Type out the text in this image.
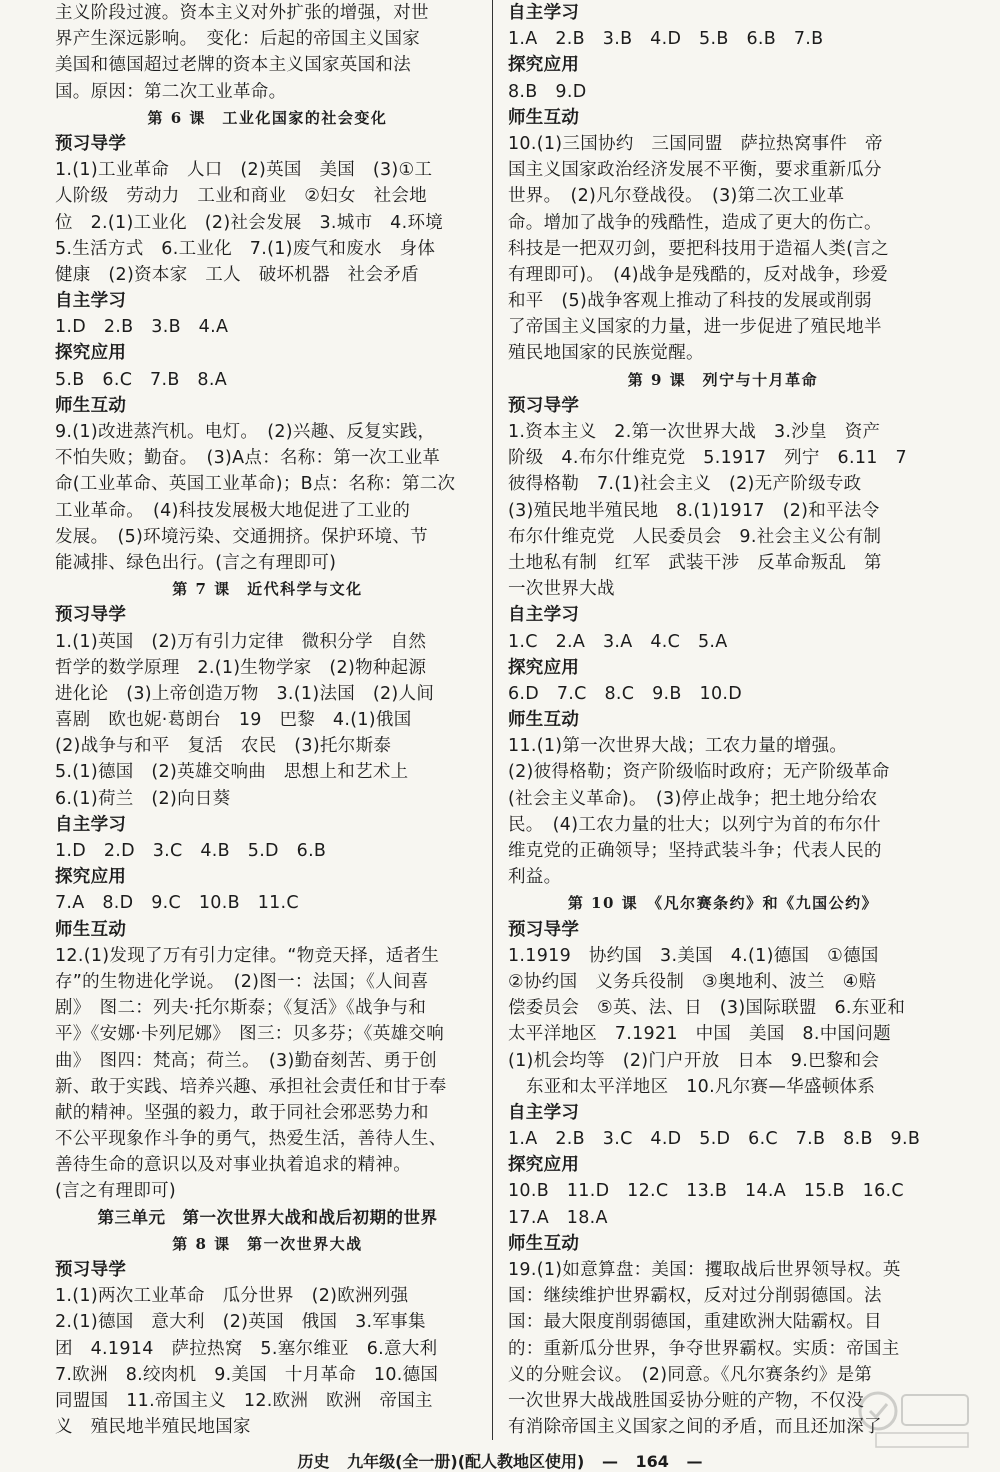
主义阶段过渡。资本主义对外扩张的增强，对世
界产生深远影响。　变化：后起的帝国主义国家
美国和德国超过老牌的资本主义国家英国和法
国。原因：第二次工业革命。
第 6 课　工业化国家的社会变化
预习导学
1.(1)工业革命　人口　(2)英国　美国　(3)①工
人阶级　劳动力　工业和商业　②妇女　社会地
位　2.(1)工业化　(2)社会发展　3.城市　4.环境
5.生活方式　6.工业化　7.(1)废气和废水　身体
健康　(2)资本家　工人　破坏机器　社会矛盾
自主学习
1.D　2.B　3.B　4.A
探究应用
5.B　6.C　7.B　8.A
师生互动
9.(1)改进蒸汽机。电灯。　(2)兴趣、反复实践，
不怕失败；勤奋。　(3)A点：名称：第一次工业革
命(工业革命、英国工业革命)；B点：名称：第二次
工业革命。　(4)科技发展极大地促进了工业的
发展。　(5)环境污染、交通拥挤。保护环境、节
能减排、绿色出行。(言之有理即可)
第 7 课　近代科学与文化
预习导学
1.(1)英国　(2)万有引力定律　微积分学　自然
哲学的数学原理　2.(1)生物学家　(2)物种起源
进化论　(3)上帝创造万物　3.(1)法国　(2)人间
喜剧　欧也妮·葛朗台　19　巴黎　4.(1)俄国
(2)战争与和平　复活　农民　(3)托尔斯泰
5.(1)德国　(2)英雄交响曲　思想上和艺术上
6.(1)荷兰　(2)向日葵
自主学习
1.D　2.D　3.C　4.B　5.D　6.B
探究应用
7.A　8.D　9.C　10.B　11.C
师生互动
12.(1)发现了万有引力定律。“物竞天择，适者生
存”的生物进化学说。　(2)图一：法国；《人间喜
剧》　图二：列夫·托尔斯泰；《复活》《战争与和
平》《安娜·卡列尼娜》　图三：贝多芬；《英雄交响
曲》　图四：梵高；荷兰。　(3)勤奋刻苦、勇于创
新、敢于实践、培养兴趣、承担社会责任和甘于奉
献的精神。坚强的毅力，敢于同社会邪恶势力和
不公平现象作斗争的勇气，热爱生活，善待人生、
善待生命的意识以及对事业执着追求的精神。
(言之有理即可)
第三单元　第一次世界大战和战后初期的世界
第 8 课　第一次世界大战
预习导学
1.(1)两次工业革命　瓜分世界　(2)欧洲列强
2.(1)德国　意大利　(2)英国　俄国　3.军事集
团　4.1914　萨拉热窝　5.塞尔维亚　6.意大利
7.欧洲　8.绞肉机　9.美国　十月革命　10.德国
同盟国　11.帝国主义　12.欧洲　欧洲　帝国主
义　殖民地半殖民地国家
自主学习
1.A　2.B　3.B　4.D　5.B　6.B　7.B
探究应用
8.B　9.D
师生互动
10.(1)三国协约　三国同盟　萨拉热窝事件　帝
国主义国家政治经济发展不平衡，要求重新瓜分
世界。　(2)凡尔登战役。　(3)第二次工业革
命。增加了战争的残酷性，造成了更大的伤亡。
科技是一把双刃剑，要把科技用于造福人类(言之
有理即可)。　(4)战争是残酷的，反对战争，珍爱
和平　(5)战争客观上推动了科技的发展或削弱
了帝国主义国家的力量，进一步促进了殖民地半
殖民地国家的民族觉醒。
第 9 课　列宁与十月革命
预习导学
1.资本主义　2.第一次世界大战　3.沙皇　资产
阶级　4.布尔什维克党　5.1917　列宁　6.11　7
彼得格勒　7.(1)社会主义　(2)无产阶级专政
(3)殖民地半殖民地　8.(1)1917　(2)和平法令
布尔什维克党　人民委员会　9.社会主义公有制
土地私有制　红军　武装干涉　反革命叛乱　第
一次世界大战
自主学习
1.C　2.A　3.A　4.C　5.A
探究应用
6.D　7.C　8.C　9.B　10.D
师生互动
11.(1)第一次世界大战；工农力量的增强。
(2)彼得格勒；资产阶级临时政府；无产阶级革命
(社会主义革命)。　(3)停止战争；把土地分给农
民。　(4)工农力量的壮大；以列宁为首的布尔什
维克党的正确领导；坚持武装斗争；代表人民的
利益。
第 10 课　《凡尔赛条约》和《九国公约》
预习导学
1.1919　协约国　3.美国　4.(1)德国　①德国
②协约国　义务兵役制　③奥地利、波兰　④赔
偿委员会　⑤英、法、日　(3)国际联盟　6.东亚和
太平洋地区　7.1921　中国　美国　8.中国问题
(1)机会均等　(2)门户开放　日本　9.巴黎和会
东亚和太平洋地区　10.凡尔赛—华盛顿体系
自主学习
1.A　2.B　3.C　4.D　5.D　6.C　7.B　8.B　9.B
探究应用
10.B　11.D　12.C　13.B　14.A　15.B　16.C
17.A　18.A
师生互动
19.(1)如意算盘：美国：攫取战后世界领导权。英
国：继续维护世界霸权，反对过分削弱德国。法
国：最大限度削弱德国，重建欧洲大陆霸权。目
的：重新瓜分世界，争夺世界霸权。实质：帝国主
义的分赃会议。　(2)同意。《凡尔赛条约》是第
一次世界大战战胜国妥协分赃的产物，不仅没
有消除帝国主义国家之间的矛盾，而且还加深了
历史 九年级(全一册)(配人教地区使用) — 164 —
